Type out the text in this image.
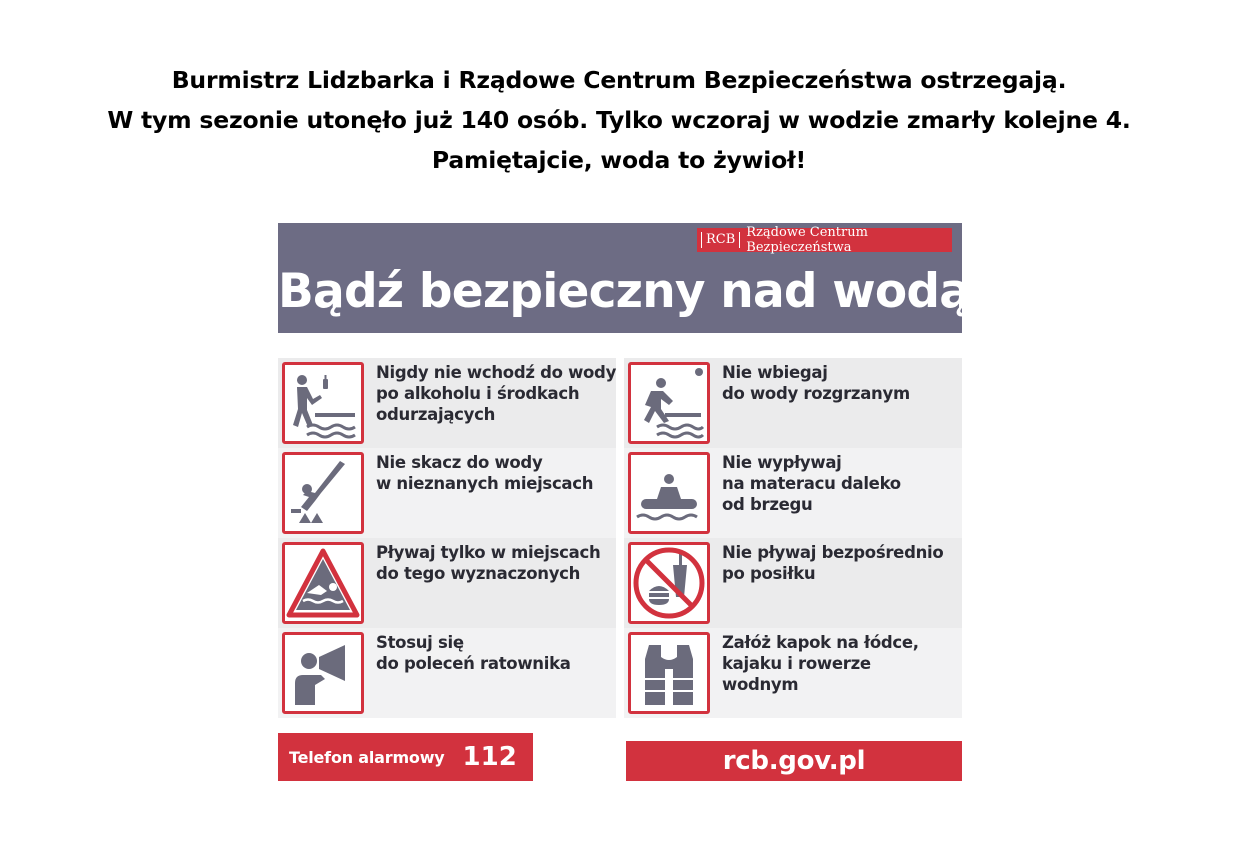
Burmistrz Lidzbarka i Rządowe Centrum Bezpieczeństwa ostrzegają.
W tym sezonie utonęło już 140 osób. Tylko wczoraj w wodzie zmarły kolejne 4.
Pamiętajcie, woda to żywioł!
RCB Rządowe Centrum Bezpieczeństwa
Bądź bezpieczny nad wodą
Nigdy nie wchodź do wody
po alkoholu i środkach
odurzających
Nie skacz do wody
w nieznanych miejscach
Pływaj tylko w miejscach
do tego wyznaczonych
Stosuj się
do poleceń ratownika
Nie wbiegaj
do wody rozgrzanym
Nie wypływaj
na materacu daleko
od brzegu
Nie pływaj bezpośrednio
po posiłku
Załóż kapok na łódce,
kajaku i rowerze
wodnym
Telefon alarmowy 112	rcb.gov.pl
